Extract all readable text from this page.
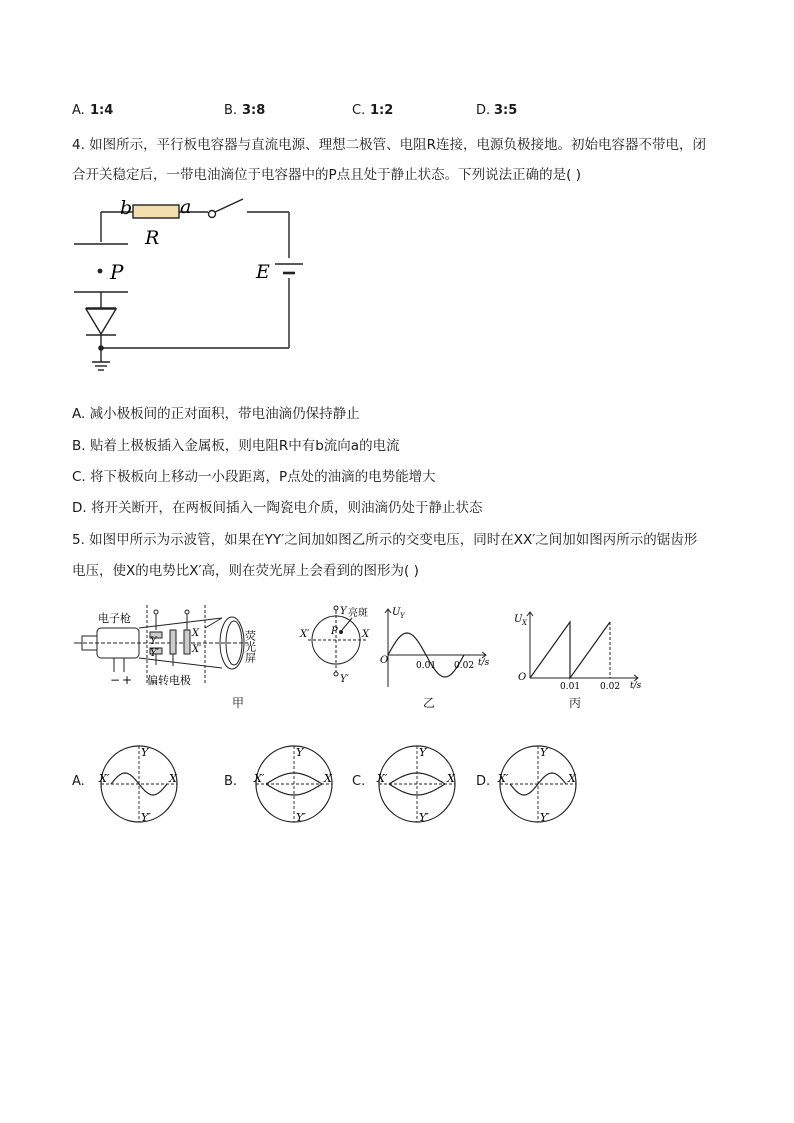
A. 1:4	B. 3:8	C. 1:2	D. 3:5
4. 如图所示，平行板电容器与直流电源、理想二极管、电阻R连接，电源负极接地。初始电容器不带电，闭
合开关稳定后，一带电油滴位于电容器中的P点且处于静止状态。下列说法正确的是( )
b	a
R
P	E
A. 减小极板间的正对面积，带电油滴仍保持静止
B. 贴着上极板插入金属板，则电阻R中有b流向a的电流
C. 将下极板向上移动一小段距离，P点处的油滴的电势能增大
D. 将开关断开，在两板间插入一陶瓷电介质，则油滴仍处于静止状态
5. 如图甲所示为示波管，如果在YY′之间加如图乙所示的交变电压，同时在XX′之间加如图丙所示的锯齿形
电压，使X的电势比X′高，则在荧光屏上会看到的图形为( )
电子枪
偏转电极
− +
Y
Y′
X
X′	荧光屏
甲
Y 亮斑
P
X′	X
Y′
U Y
O	0.01 0.02 t/s
乙
U X
O
0.01 0.02 t/s
丙
A.	B.	C.	D.
Y
Y′
X′	X
Y
Y′
X′	X
Y
Y′
X′	X
Y
Y′
X′	X
